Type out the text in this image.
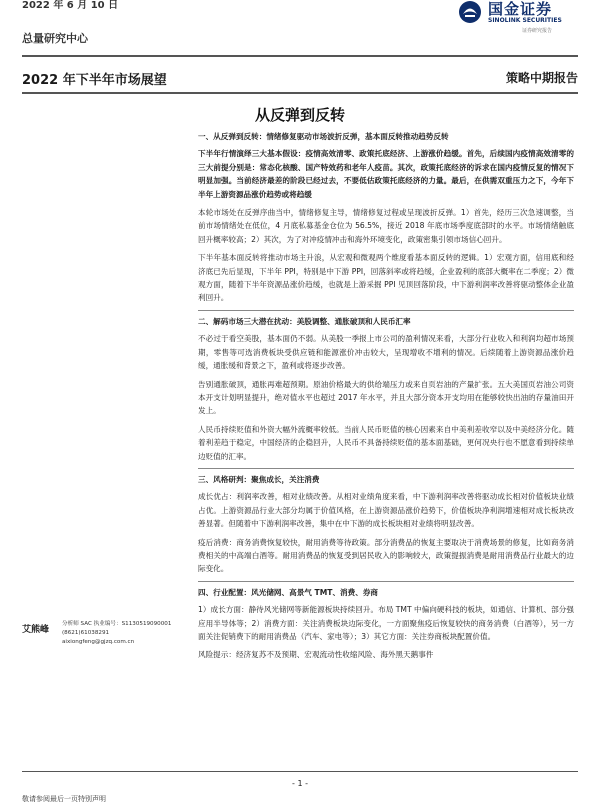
2022 年 6 月 10 日	国金证券
SINOLINK SECURITIES
证券研究报告
总量研究中心
2022 年下半年市场展望	策略中期报告
从反弹到反转
一、从反弹到反转：情绪修复驱动市场波折反弹，基本面反转推动趋势反转

下半年行情演绎三大基本假设：疫情高效清零、政策托底经济、上游涨价趋缓。首先，后续国内疫情高效清零的三大前提分别是：常态化核酸、国产特效药和老年人疫苗。其次，政策托底经济的诉求在国内疫情反复的情况下明显加强。当前经济最差的阶段已经过去，不要低估政策托底经济的力量。最后，在供需双重压力之下，今年下半年上游资源品涨价趋势或将趋缓

本轮市场处在反弹序曲当中，情绪修复主导，情绪修复过程或呈现波折反弹。1）首先，经历三次急速调整，当前市场情绪处在低位，4 月底私募基金仓位为 56.5%，接近 2018 年底市场季度底部时的水平。市场情绪触底回升概率较高；2）其次，为了对冲疫情冲击和海外环境变化，政策密集引领市场信心回升。

下半年基本面反转将推动市场主升浪，从宏观和微观两个维度看基本面反转的逻辑。1）宏观方面，信用底和经济底已先后显现，下半年 PPI，特别是中下游 PPI，回落斜率或将趋缓，企业盈利的底部大概率在二季度；2）微观方面，随着下半年资源品涨价趋缓，也就是上游采掘 PPI 见顶回落阶段，中下游利润率改善将驱动整体企业盈利回升。

二、解码市场三大潜在扰动：美股调整、通胀破顶和人民币汇率

不必过于看空美股，基本面仍不弱。从美股一季报上市公司的盈利情况来看，大部分行业收入和利润均超市场预期，零售等可选消费板块受供应链和能源涨价冲击较大，呈现增收不增利的情况。后续随着上游资源品涨价趋缓，通胀缓和背景之下，盈利或将逐步改善。

告别通胀破顶，通胀再难超预期。原油价格最大的供给端压力或来自页岩油的产量扩张。五大美国页岩油公司资本开支计划明显提升，绝对值水平也超过 2017 年水平，并且大部分资本开支均用在能够较快出油的存量油田开发上。

人民币持续贬值和外资大幅外流概率较低。当前人民币贬值的核心因素来自中美利差收窄以及中美经济分化。随着利差趋于稳定，中国经济的企稳回升，人民币不具备持续贬值的基本面基础，更何况央行也不愿意看到持续单边贬值的汇率。

三、风格研判：聚焦成长，关注消费

成长优占：利润率改善，相对业绩改善。从相对业绩角度来看，中下游利润率改善将驱动成长相对价值板块业绩占优。上游资源品行业大部分均属于价值风格，在上游资源品涨价趋势下，价值板块净利润增速相对成长板块改善显著。但随着中下游利润率改善，集中在中下游的成长板块相对业绩将明显改善。

疫后消费：商务消费恢复较快，耐用消费等待政策。部分消费品的恢复主要取决于消费场景的修复，比如商务消费相关的中高端白酒等。耐用消费品的恢复受到居民收入的影响较大，政策提振消费是耐用消费品行业最大的边际变化。

四、行业配置：风光储网、高景气 TMT、消费、券商

1）成长方面：静待风光储网等新能源板块持续回升。布局 TMT 中偏向硬科技的板块，如通信、计算机、部分强应用半导体等；2）消费方面：关注消费板块边际变化，一方面聚焦疫后恢复较快的商务消费（白酒等），另一方面关注促销费下的耐用消费品（汽车、家电等）；3）其它方面：关注券商板块配置价值。

风险提示：经济复苏不及预期、宏观流动性收缩风险、海外黑天鹅事件

艾熊峰
分析师 SAC 执业编号：S1130519090001
(8621)61038291
aixiongfeng@gjzq.com.cn
- 1 -
敬请参阅最后一页特别声明
